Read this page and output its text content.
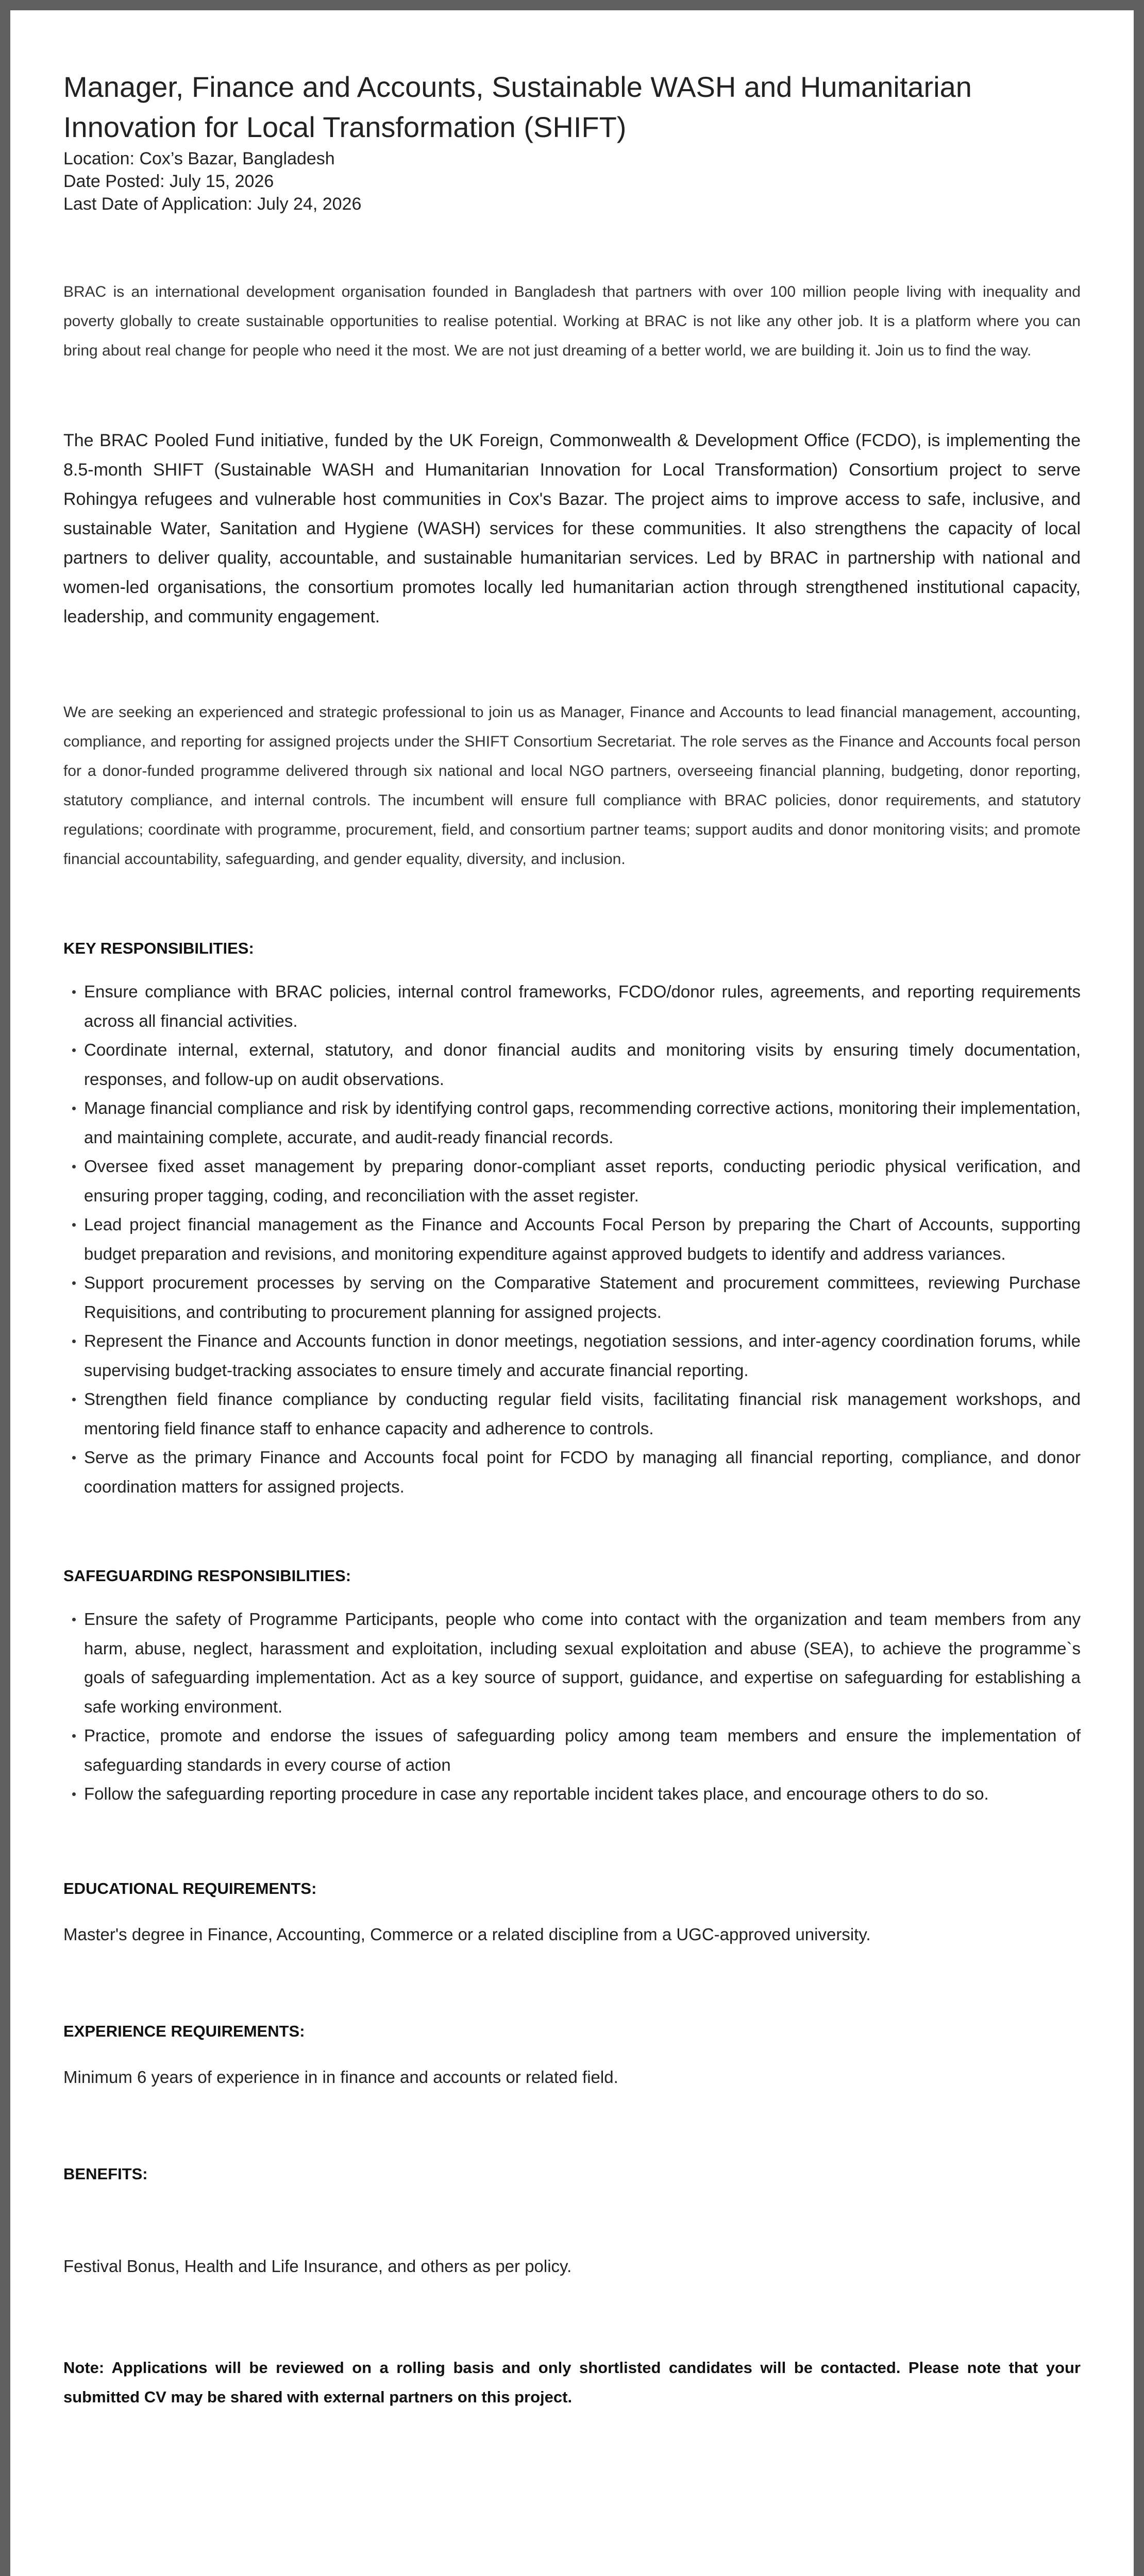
Manager, Finance and Accounts, Sustainable WASH and Humanitarian Innovation for Local Transformation (SHIFT)
Location: Cox’s Bazar, Bangladesh
Date Posted: July 15, 2026
Last Date of Application: July 24, 2026

BRAC is an international development organisation founded in Bangladesh that partners with over 100 million people living with inequality and poverty globally to create sustainable opportunities to realise potential. Working at BRAC is not like any other job. It is a platform where you can bring about real change for people who need it the most. We are not just dreaming of a better world, we are building it. Join us to find the way.

The BRAC Pooled Fund initiative, funded by the UK Foreign, Commonwealth & Development Office (FCDO), is implementing the 8.5-month SHIFT (Sustainable WASH and Humanitarian Innovation for Local Transformation) Consortium project to serve Rohingya refugees and vulnerable host communities in Cox's Bazar. The project aims to improve access to safe, inclusive, and sustainable Water, Sanitation and Hygiene (WASH) services for these communities. It also strengthens the capacity of local partners to deliver quality, accountable, and sustainable humanitarian services. Led by BRAC in partnership with national and women-led organisations, the consortium promotes locally led humanitarian action through strengthened institutional capacity, leadership, and community engagement.

We are seeking an experienced and strategic professional to join us as Manager, Finance and Accounts to lead financial management, accounting, compliance, and reporting for assigned projects under the SHIFT Consortium Secretariat. The role serves as the Finance and Accounts focal person for a donor-funded programme delivered through six national and local NGO partners, overseeing financial planning, budgeting, donor reporting, statutory compliance, and internal controls. The incumbent will ensure full compliance with BRAC policies, donor requirements, and statutory regulations; coordinate with programme, procurement, field, and consortium partner teams; support audits and donor monitoring visits; and promote financial accountability, safeguarding, and gender equality, diversity, and inclusion.

KEY RESPONSIBILITIES:
Ensure compliance with BRAC policies, internal control frameworks, FCDO/donor rules, agreements, and reporting requirements across all financial activities.
Coordinate internal, external, statutory, and donor financial audits and monitoring visits by ensuring timely documentation, responses, and follow-up on audit observations.
Manage financial compliance and risk by identifying control gaps, recommending corrective actions, monitoring their implementation, and maintaining complete, accurate, and audit-ready financial records.
Oversee fixed asset management by preparing donor-compliant asset reports, conducting periodic physical verification, and ensuring proper tagging, coding, and reconciliation with the asset register.
Lead project financial management as the Finance and Accounts Focal Person by preparing the Chart of Accounts, supporting budget preparation and revisions, and monitoring expenditure against approved budgets to identify and address variances.
Support procurement processes by serving on the Comparative Statement and procurement committees, reviewing Purchase Requisitions, and contributing to procurement planning for assigned projects.
Represent the Finance and Accounts function in donor meetings, negotiation sessions, and inter-agency coordination forums, while supervising budget-tracking associates to ensure timely and accurate financial reporting.
Strengthen field finance compliance by conducting regular field visits, facilitating financial risk management workshops, and mentoring field finance staff to enhance capacity and adherence to controls.
Serve as the primary Finance and Accounts focal point for FCDO by managing all financial reporting, compliance, and donor coordination matters for assigned projects.
SAFEGUARDING RESPONSIBILITIES:
Ensure the safety of Programme Participants, people who come into contact with the organization and team members from any harm, abuse, neglect, harassment and exploitation, including sexual exploitation and abuse (SEA), to achieve the programme`s goals of safeguarding implementation. Act as a key source of support, guidance, and expertise on safeguarding for establishing a safe working environment.
Practice, promote and endorse the issues of safeguarding policy among team members and ensure the implementation of safeguarding standards in every course of action
Follow the safeguarding reporting procedure in case any reportable incident takes place, and encourage others to do so.
EDUCATIONAL REQUIREMENTS:
Master's degree in Finance, Accounting, Commerce or a related discipline from a UGC-approved university.
EXPERIENCE REQUIREMENTS:
Minimum 6 years of experience in in finance and accounts or related field.
BENEFITS:
Festival Bonus, Health and Life Insurance, and others as per policy.

Note: Applications will be reviewed on a rolling basis and only shortlisted candidates will be contacted. Please note that your submitted CV may be shared with external partners on this project.
